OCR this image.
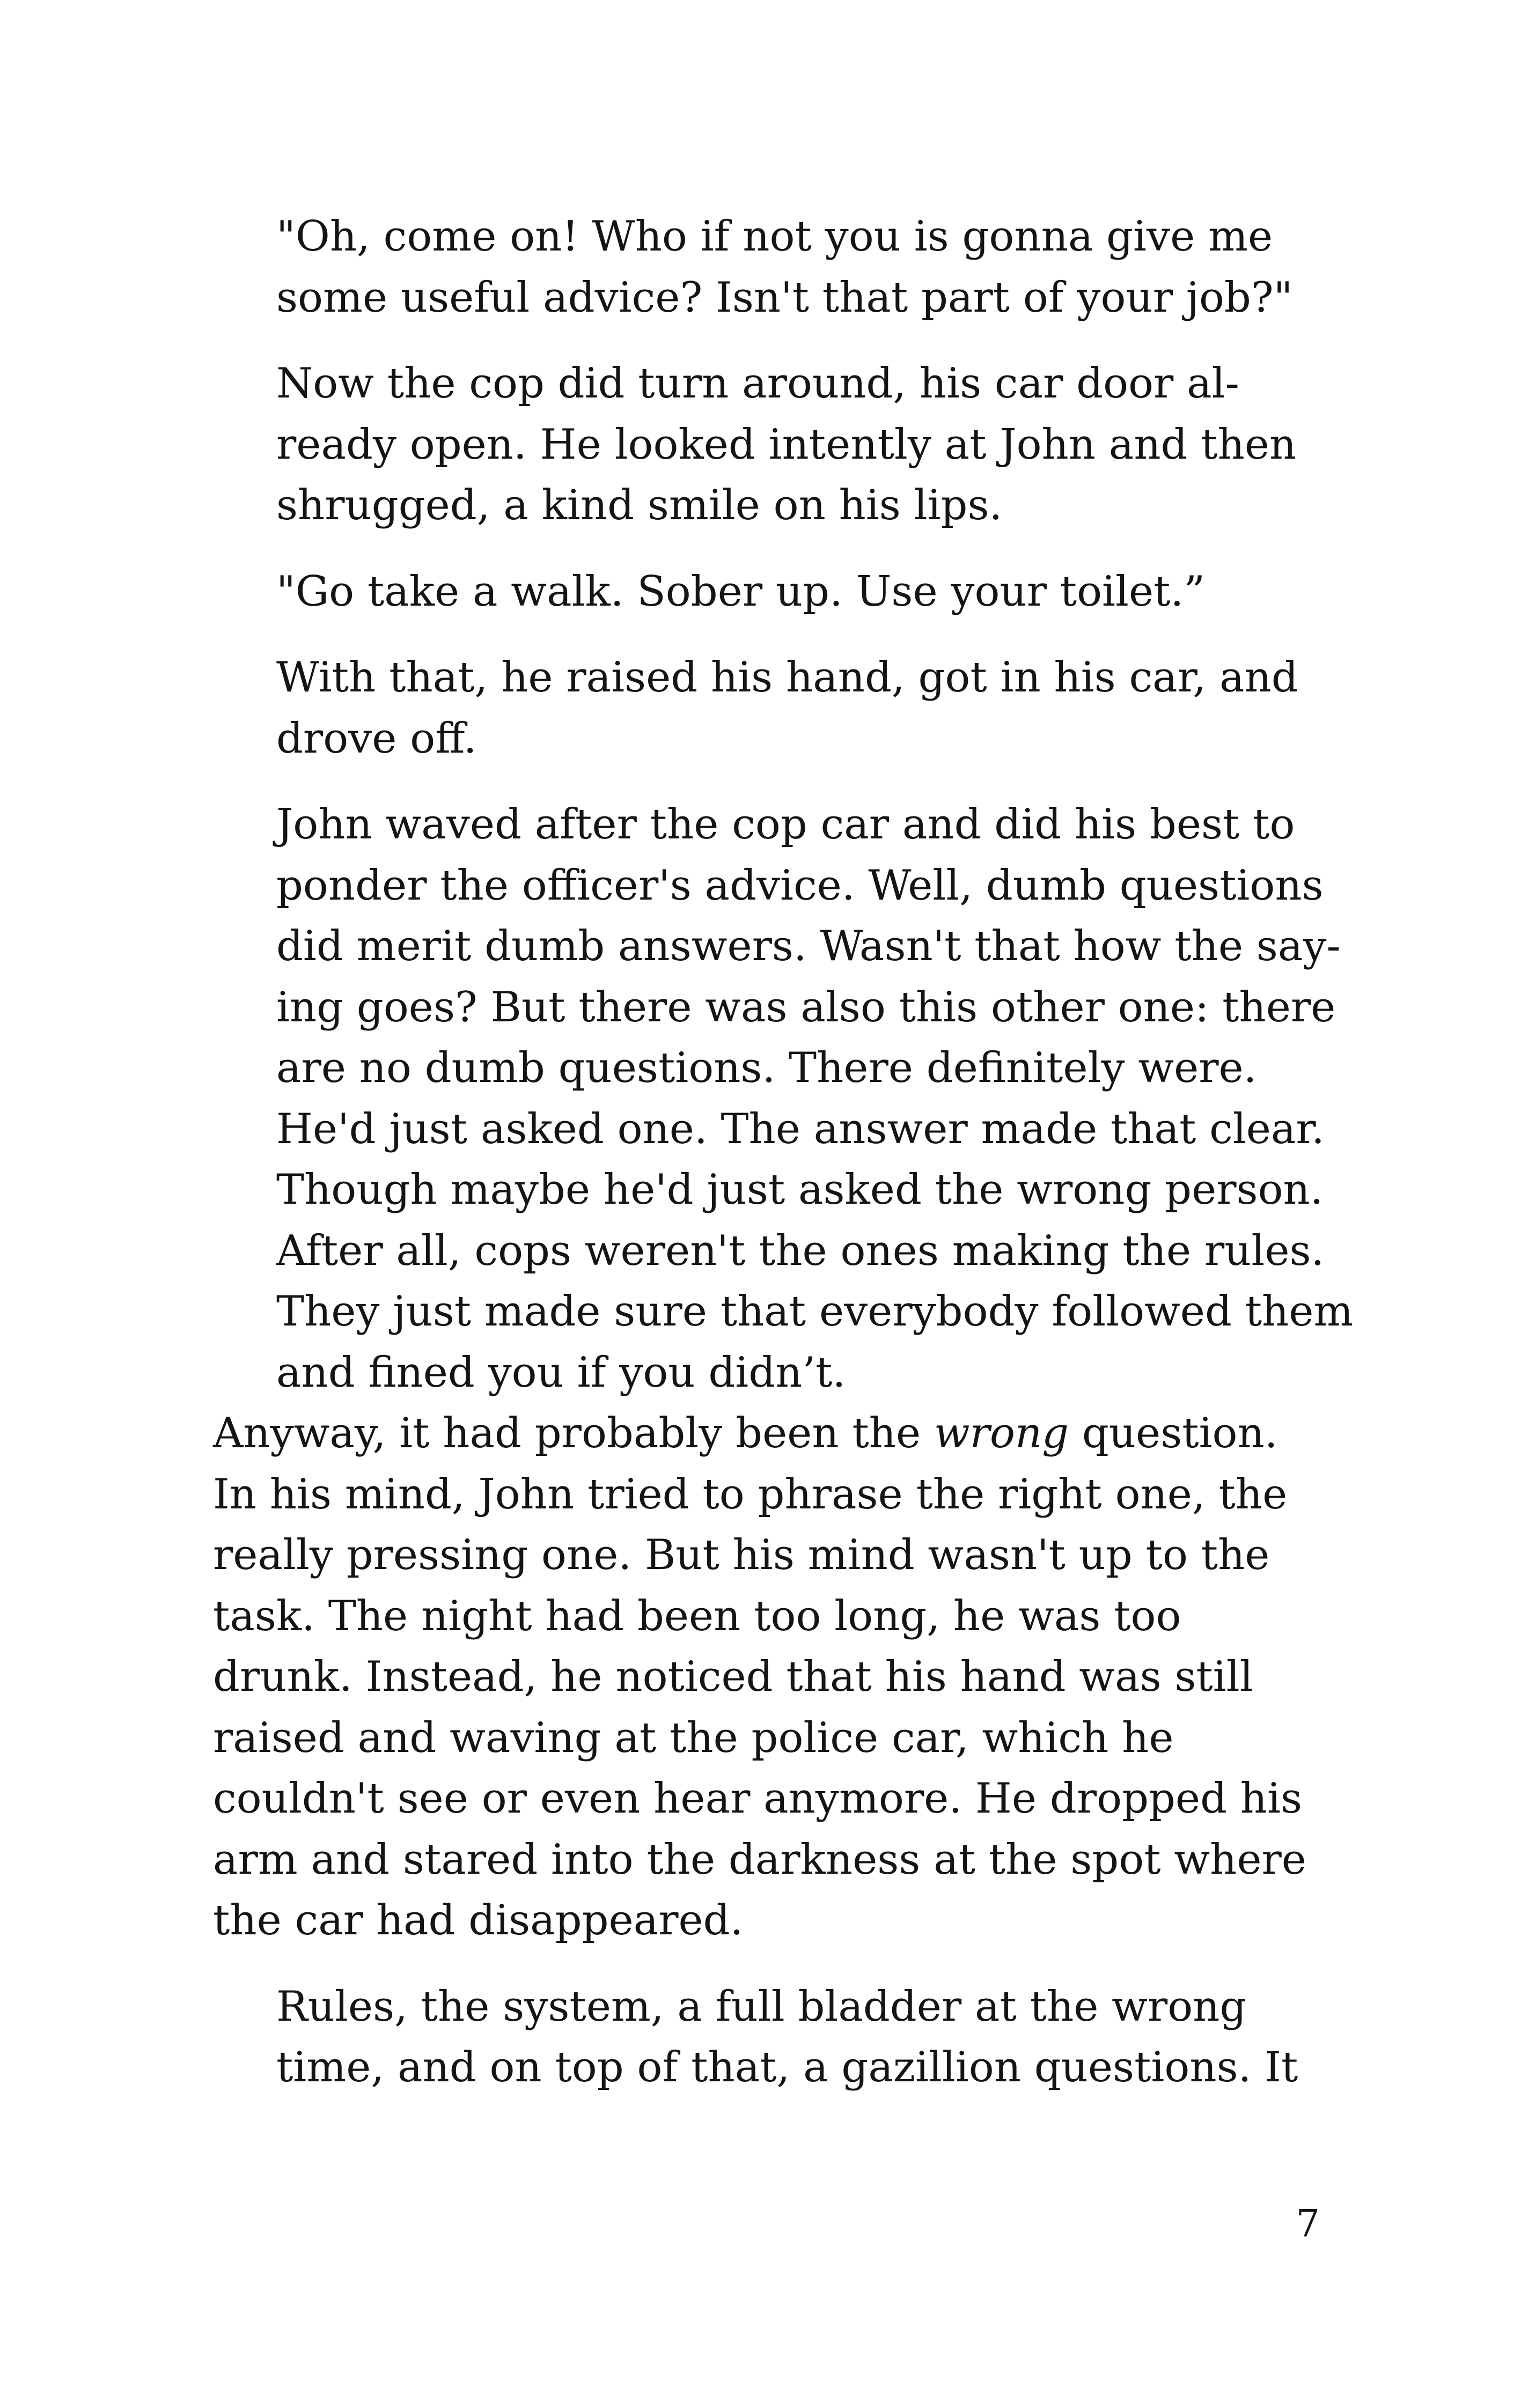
"Oh, come on! Who if not you is gonna give me
some useful advice? Isn't that part of your job?"

Now the cop did turn around, his car door al-
ready open. He looked intently at John and then
shrugged, a kind smile on his lips.

"Go take a walk. Sober up. Use your toilet.”

With that, he raised his hand, got in his car, and
drove off.

John waved after the cop car and did his best to
ponder the officer's advice. Well, dumb questions
did merit dumb answers. Wasn't that how the say-
ing goes? But there was also this other one: there
are no dumb questions. There definitely were.
He'd just asked one. The answer made that clear.
Though maybe he'd just asked the wrong person.
After all, cops weren't the ones making the rules.
They just made sure that everybody followed them
and fined you if you didn’t.

Anyway, it had probably been the wrong question.
In his mind, John tried to phrase the right one, the
really pressing one. But his mind wasn't up to the
task. The night had been too long, he was too
drunk. Instead, he noticed that his hand was still
raised and waving at the police car, which he
couldn't see or even hear anymore. He dropped his
arm and stared into the darkness at the spot where
the car had disappeared.

Rules, the system, a full bladder at the wrong
time, and on top of that, a gazillion questions. It

7
